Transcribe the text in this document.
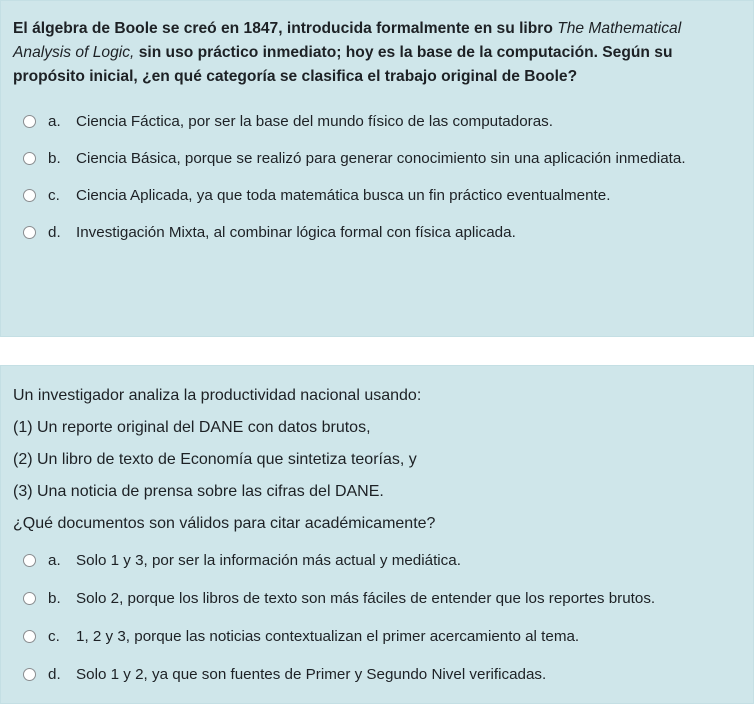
El álgebra de Boole se creó en 1847, introducida formalmente en su libro The Mathematical Analysis of Logic, sin uso práctico inmediato; hoy es la base de la computación. Según su propósito inicial, ¿en qué categoría se clasifica el trabajo original de Boole?

a.	Ciencia Fáctica, por ser la base del mundo físico de las computadoras.
b.	Ciencia Básica, porque se realizó para generar conocimiento sin una aplicación inmediata.
c.	Ciencia Aplicada, ya que toda matemática busca un fin práctico eventualmente.
d.	Investigación Mixta, al combinar lógica formal con física aplicada.

Un investigador analiza la productividad nacional usando:

(1) Un reporte original del DANE con datos brutos,

(2) Un libro de texto de Economía que sintetiza teorías, y

(3) Una noticia de prensa sobre las cifras del DANE.

¿Qué documentos son válidos para citar académicamente?

a.	Solo 1 y 3, por ser la información más actual y mediática.
b.	Solo 2, porque los libros de texto son más fáciles de entender que los reportes brutos.
c.	1, 2 y 3, porque las noticias contextualizan el primer acercamiento al tema.
d.	Solo 1 y 2, ya que son fuentes de Primer y Segundo Nivel verificadas.
